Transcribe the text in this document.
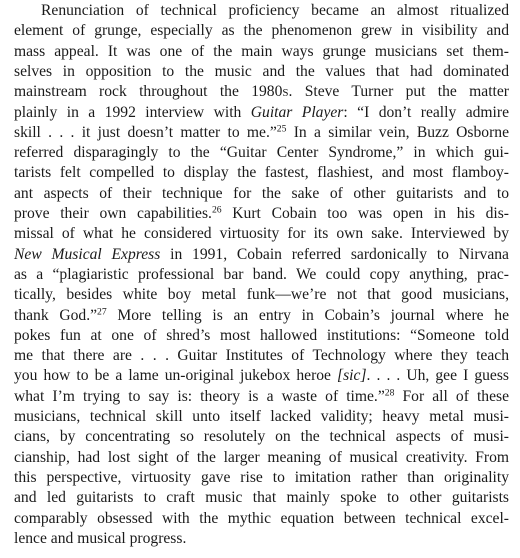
Renunciation of technical proficiency became an almost ritualized
element of grunge, especially as the phenomenon grew in visibility and
mass appeal. It was one of the main ways grunge musicians set them-
selves in opposition to the music and the values that had dominated
mainstream rock throughout the 1980s. Steve Turner put the matter
plainly in a 1992 interview with Guitar Player: “I don’t really admire
skill . . . it just doesn’t matter to me.”$^{25}$ In a similar vein, Buzz Osborne
referred disparagingly to the “Guitar Center Syndrome,” in which gui-
tarists felt compelled to display the fastest, flashiest, and most flamboy-
ant aspects of their technique for the sake of other guitarists and to
prove their own capabilities.$^{26}$ Kurt Cobain too was open in his dis-
missal of what he considered virtuosity for its own sake. Interviewed by
New Musical Express in 1991, Cobain referred sardonically to Nirvana
as a “plagiaristic professional bar band. We could copy anything, prac-
tically, besides white boy metal funk—we’re not that good musicians,
thank God.”$^{27}$ More telling is an entry in Cobain’s journal where he
pokes fun at one of shred’s most hallowed institutions: “Someone told
me that there are . . . Guitar Institutes of Technology where they teach
you how to be a lame un-original jukebox heroe [sic]. . . . Uh, gee I guess
what I’m trying to say is: theory is a waste of time.”$^{28}$ For all of these
musicians, technical skill unto itself lacked validity; heavy metal musi-
cians, by concentrating so resolutely on the technical aspects of musi-
cianship, had lost sight of the larger meaning of musical creativity. From
this perspective, virtuosity gave rise to imitation rather than originality
and led guitarists to craft music that mainly spoke to other guitarists
comparably obsessed with the mythic equation between technical excel-
lence and musical progress.
